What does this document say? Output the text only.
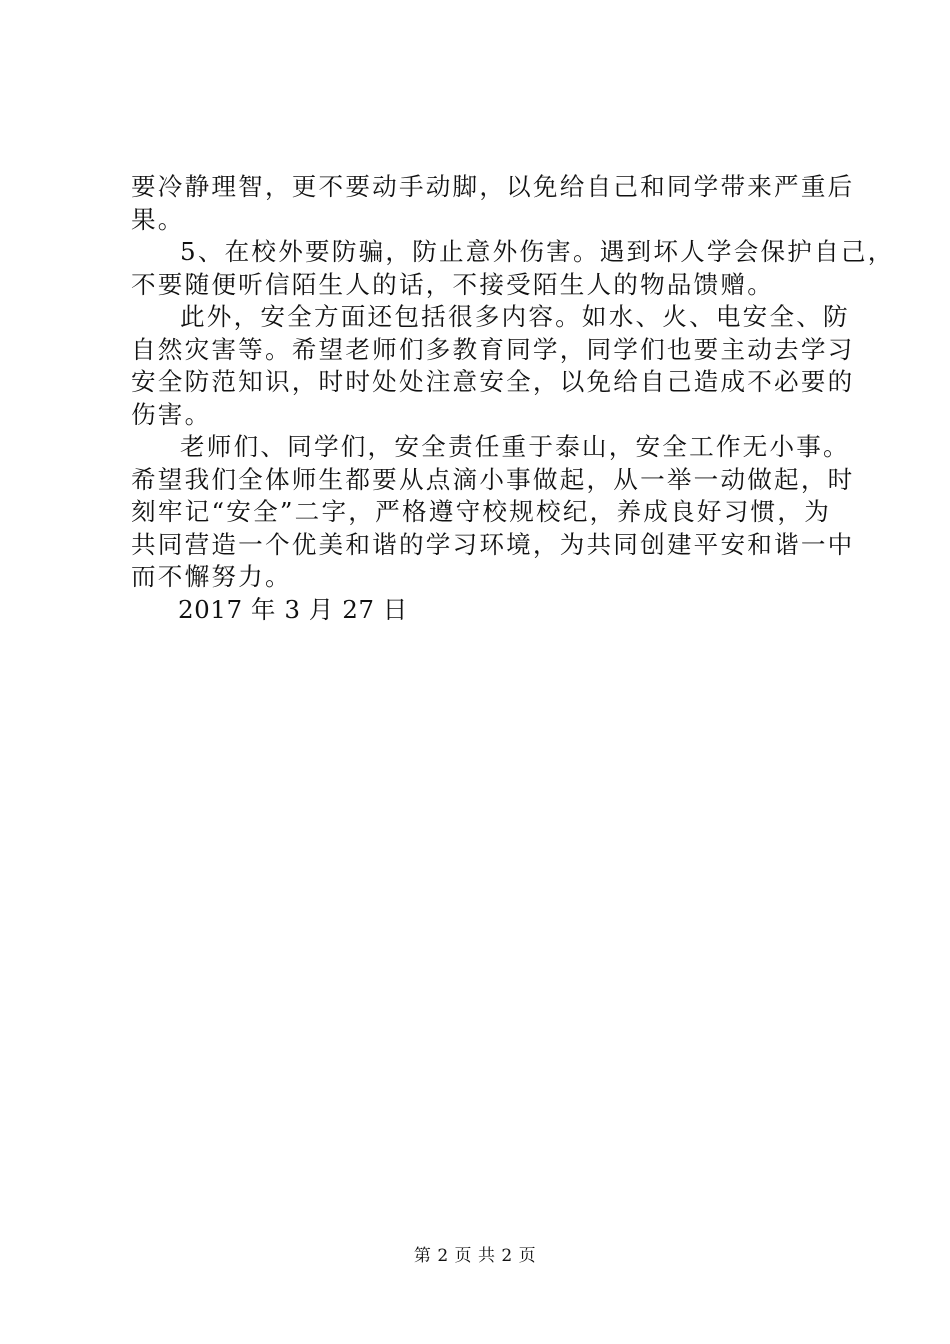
要冷静理智，更不要动手动脚，以免给自己和同学带来严重后
果。
5、在校外要防骗，防止意外伤害。遇到坏人学会保护自己，
不要随便听信陌生人的话，不接受陌生人的物品馈赠。
此外，安全方面还包括很多内容。如水、火、电安全、防
自然灾害等。希望老师们多教育同学，同学们也要主动去学习
安全防范知识，时时处处注意安全，以免给自己造成不必要的
伤害。
老师们、同学们，安全责任重于泰山，安全工作无小事。
希望我们全体师生都要从点滴小事做起，从一举一动做起，时
刻牢记“安全”二字，严格遵守校规校纪，养成良好习惯，为
共同营造一个优美和谐的学习环境，为共同创建平安和谐一中
而不懈努力。
2017 年 3 月 27 日
第 2 页 共 2 页
